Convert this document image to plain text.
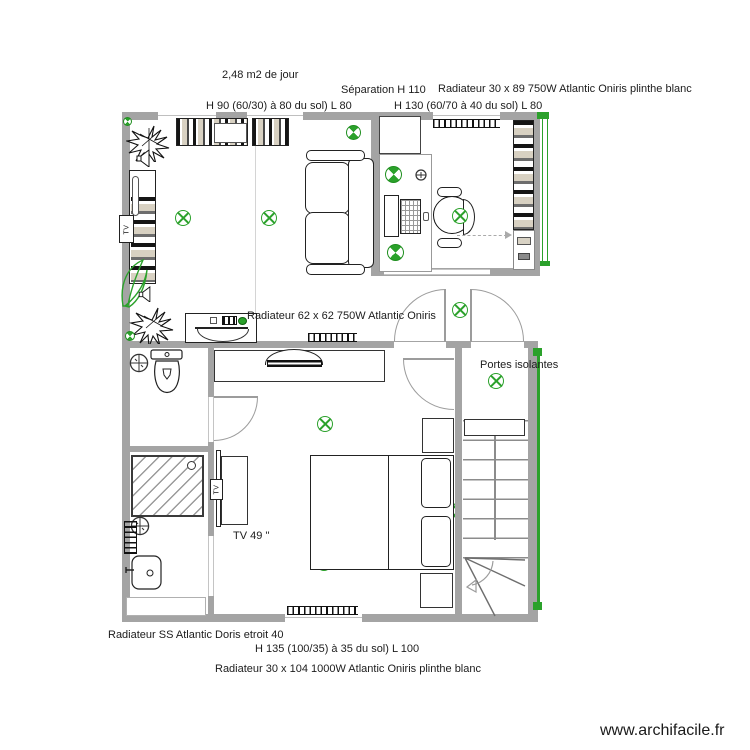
2,48 m2 de jour
Séparation H 110 Radiateur 30 x 89 750W Atlantic Oniris plinthe blanc
H 90 (60/30) à 80 du sol) L 80	H 130 (60/70 à 40 du sol) L 80
Radiateur 62 x 62 750W Atlantic Oniris
Portes isolantes
TV 49 ''
Radiateur SS Atlantic Doris etroit 40
H 135 (100/35) à 35 du sol) L 100
Radiateur 30 x 104 1000W Atlantic Oniris plinthe blanc
www.archifacile.fr
TV
TV
